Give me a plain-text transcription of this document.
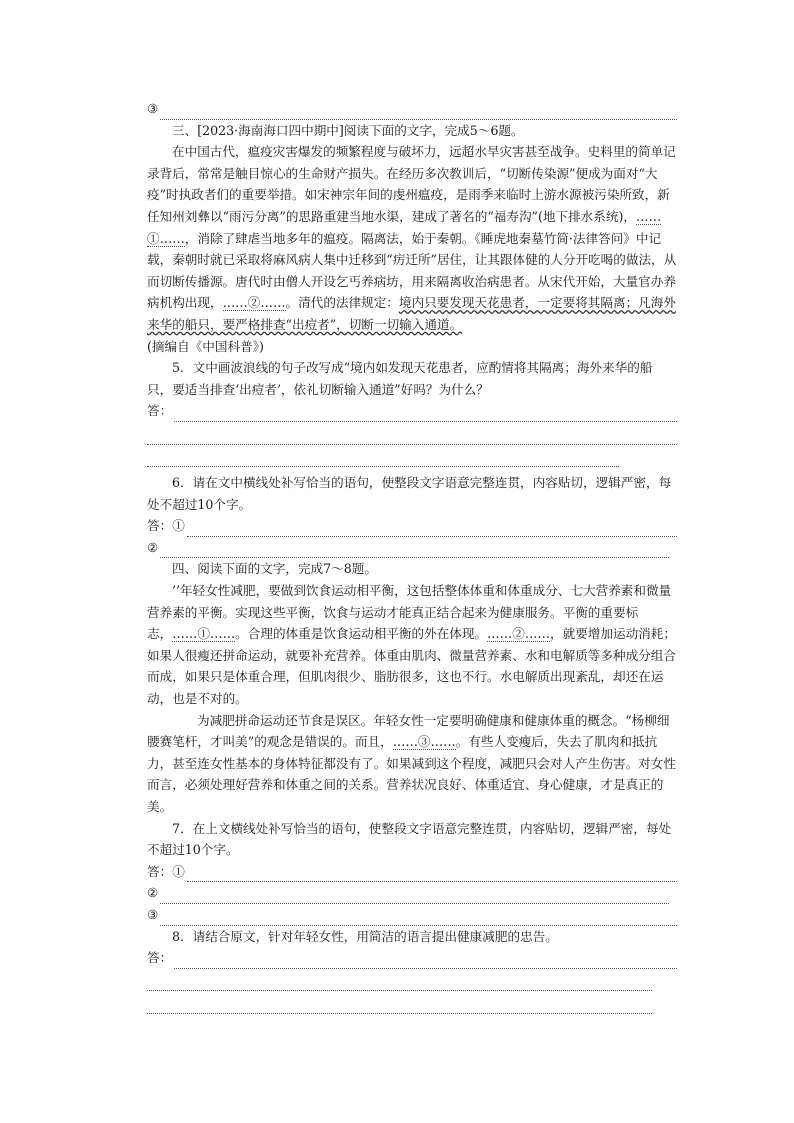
③

三、[2023·海南海口四中期中]阅读下面的文字，完成5～6题。

在中国古代，瘟疫灾害爆发的频繁程度与破坏力，远超水旱灾害甚至战争。史料里的简单记录背后，常常是触目惊心的生命财产损失。在经历多次教训后，“切断传染源”便成为面对“大疫”时执政者们的重要举措。如宋神宗年间的虔州瘟疫，是雨季来临时上游水源被污染所致，新任知州刘彝以“雨污分离”的思路重建当地水渠，建成了著名的“福寿沟”(地下排水系统)，……①……，消除了肆虐当地多年的瘟疫。隔离法，始于秦朝。《睡虎地秦墓竹简·法律答问》中记载，秦朝时就已采取将麻风病人集中迁移到“疠迁所”居住，让其跟体健的人分开吃喝的做法，从而切断传播源。唐代时由僧人开设乞丐养病坊，用来隔离收治病患者。从宋代开始，大量官办养病机构出现，……②……。清代的法律规定：境内只要发现天花患者，一定要将其隔离；凡海外来华的船只，要严格排查“出痘者”，切断一切输入通道。

(摘编自《中国科普》)

5．文中画波浪线的句子改写成“境内如发现天花患者，应酌情将其隔离；海外来华的船只，要适当排查‘出痘者’，依礼切断输入通道”好吗？为什么？

答：

6．请在文中横线处补写恰当的语句，使整段文字语意完整连贯，内容贴切，逻辑严密，每处不超过10个字。

答：①
②

四、阅读下面的文字，完成7～8题。

’’年轻女性减肥，要做到饮食运动相平衡，这包括整体体重和体重成分、七大营养素和微量营养素的平衡。实现这些平衡，饮食与运动才能真正结合起来为健康服务。平衡的重要标志，……①……。合理的体重是饮食运动相平衡的外在体现。……②……，就要增加运动消耗；如果人很瘦还拼命运动，就要补充营养。体重由肌肉、微量营养素、水和电解质等多种成分组合而成，如果只是体重合理，但肌肉很少、脂肪很多，这也不行。水电解质出现紊乱，却还在运动，也是不对的。

为减肥拼命运动还节食是误区。年轻女性一定要明确健康和健康体重的概念。“杨柳细腰赛笔杆，才叫美”的观念是错误的。而且，……③……。有些人变瘦后，失去了肌肉和抵抗力，甚至连女性基本的身体特征都没有了。如果减到这个程度，减肥只会对人产生伤害。对女性而言，必须处理好营养和体重之间的关系。营养状况良好、体重适宜、身心健康，才是真正的美。

7．在上文横线处补写恰当的语句，使整段文字语意完整连贯，内容贴切，逻辑严密，每处不超过10个字。

答：①
②
③

8．请结合原文，针对年轻女性，用简洁的语言提出健康减肥的忠告。

答：
